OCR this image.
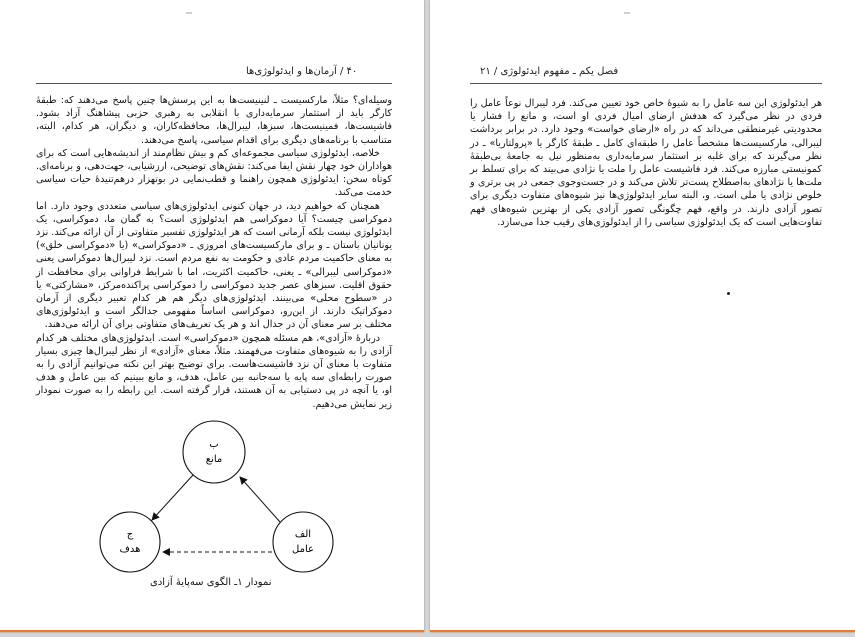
۴۰ / آرمان‌ها و ایدئولوژی‌ها

وسیله‌ای؟ مثلاً، مارکسیست ـ لنینیست‌ها به این پرسش‌ها چنین پاسخ می‌دهند که: طبقهٔ کارگر باید از استثمار سرمایه‌داری با انقلابی به رهبری حزبی پیشاهنگ آزاد بشود. فاشیست‌ها، فمینیست‌ها، سبزها، لیبرال‌ها، محافظه‌کاران، و دیگران، هر کدام، البته، متناسب با برنامه‌های دیگری برای اقدام سیاسی، پاسخ می‌دهند.

خلاصه، ایدئولوژی سیاسی مجموعه‌ای کم و بیش نظام‌مند از اندیشه‌هایی است که برای هواداران خود چهار نقش ایفا می‌کند: نقش‌های توضیحی، ارزشیابی، جهت‌دهی، و برنامه‌ای. کوتاه سخن: ایدئولوژی همچون راهنما و قطب‌نمایی در بوتهزار درهم‌تنیدهٔ حیات سیاسی خدمت می‌کند.

همچنان که خواهیم دید، در جهان کنونی ایدئولوژی‌های سیاسی متعددی وجود دارد. اما دموکراسی چیست؟ آیا دموکراسی هم ایدئولوژی است؟ به گمان ما، دموکراسی، یک ایدئولوژی نیست بلکه آرمانی است که هر ایدئولوژی تفسیر متفاوتی از آن ارائه می‌کند. نزد یونانیان باستان ـ و برای مارکسیست‌های امروزی ـ «دموکراسی» (یا «دموکراسی خلق») به معنای حاکمیت مردم عادی و حکومت به نفع مردم است. نزد لیبرال‌ها دموکراسی یعنی «دموکراسی لیبرالی» ـ یعنی، حاکمیت اکثریت، اما با شرایط فراوانی برای محافظت از حقوق اقلیت. سبزهای عصر جدید دموکراسی را دموکراسی پراکنده‌مرکز، «مشارکتی» یا در «سطوح محلی» می‌بینند. ایدئولوژی‌های دیگر هم هر کدام تعبیر دیگری از آرمان دموکراتیک دارند. از این‌رو، دموکراسی اساساً مفهومی جدالگر است و ایدئولوژی‌های مختلف بر سر معنای آن در جدال اند و هر یک تعریف‌های متفاوتی برای آن ارائه می‌دهند.

دربارهٔ «آزادی»، هم مسئله همچون «دموکراسی» است. ایدئولوژی‌های مختلف هر کدام آزادی را به شیوه‌های متفاوت می‌فهمند. مثلاً، معنای «آزادی» از نظر لیبرال‌ها چیزی بسیار متفاوت با معنای آن نزد فاشیست‌هاست. برای توضیح بهتر این نکته می‌توانیم آزادی را به صورت رابطه‌ای سه پایه یا سه‌جانبه بین عامل، هدف، و مانع ببینیم که بین عامل و هدف او، یا آنچه در پی دستیابی به آن هستند، قرار گرفته است. این رابطه را به صورت نمودار زیر نمایش می‌دهیم.

ب
مانع
ج
هدف
الف
عامل
نمودار ۱ـ الگوی سه‌پایهٔ آزادی
فصل یکم ـ مفهوم ایدئولوژی / ۲۱

هر ایدئولوژی این سه عامل را به شیوهٔ خاص خود تعیین می‌کند. فرد لیبرال نوعاً عامل را فردی در نظر می‌گیرد که هدفش ارضای امیال فردی او است، و مانع را فشار یا محدودیتی غیرمنطقی می‌داند که در راه «ارضای خواست» وجود دارد. در برابر برداشت لیبرالی، مارکسیست‌ها مشخصاً عامل را طبقه‌ای کامل ـ طبقهٔ کارگر یا «پرولتاریا» ـ در نظر می‌گیرند که برای غلبه بر استثمار سرمایه‌داری به‌منظور نیل به جامعهٔ بی‌طبقهٔ کمونیستی مبارزه می‌کند. فرد فاشیست عامل را ملت یا نژادی می‌بیند که برای تسلط بر ملت‌ها یا نژادهای به‌اصطلاح پست‌تر تلاش می‌کند و در جست‌وجوی جمعی در پی برتری و خلوص نژادی یا ملی است. و، البته سایر ایدئولوژی‌ها نیز شیوه‌های متفاوت دیگری برای تصور آزادی دارند. در واقع، فهم چگونگی تصور آزادی یکی از بهترین شیوه‌های فهم تفاوت‌هایی است که یک ایدئولوژی سیاسی را از ایدئولوژی‌های رقیب جدا می‌سازد.
